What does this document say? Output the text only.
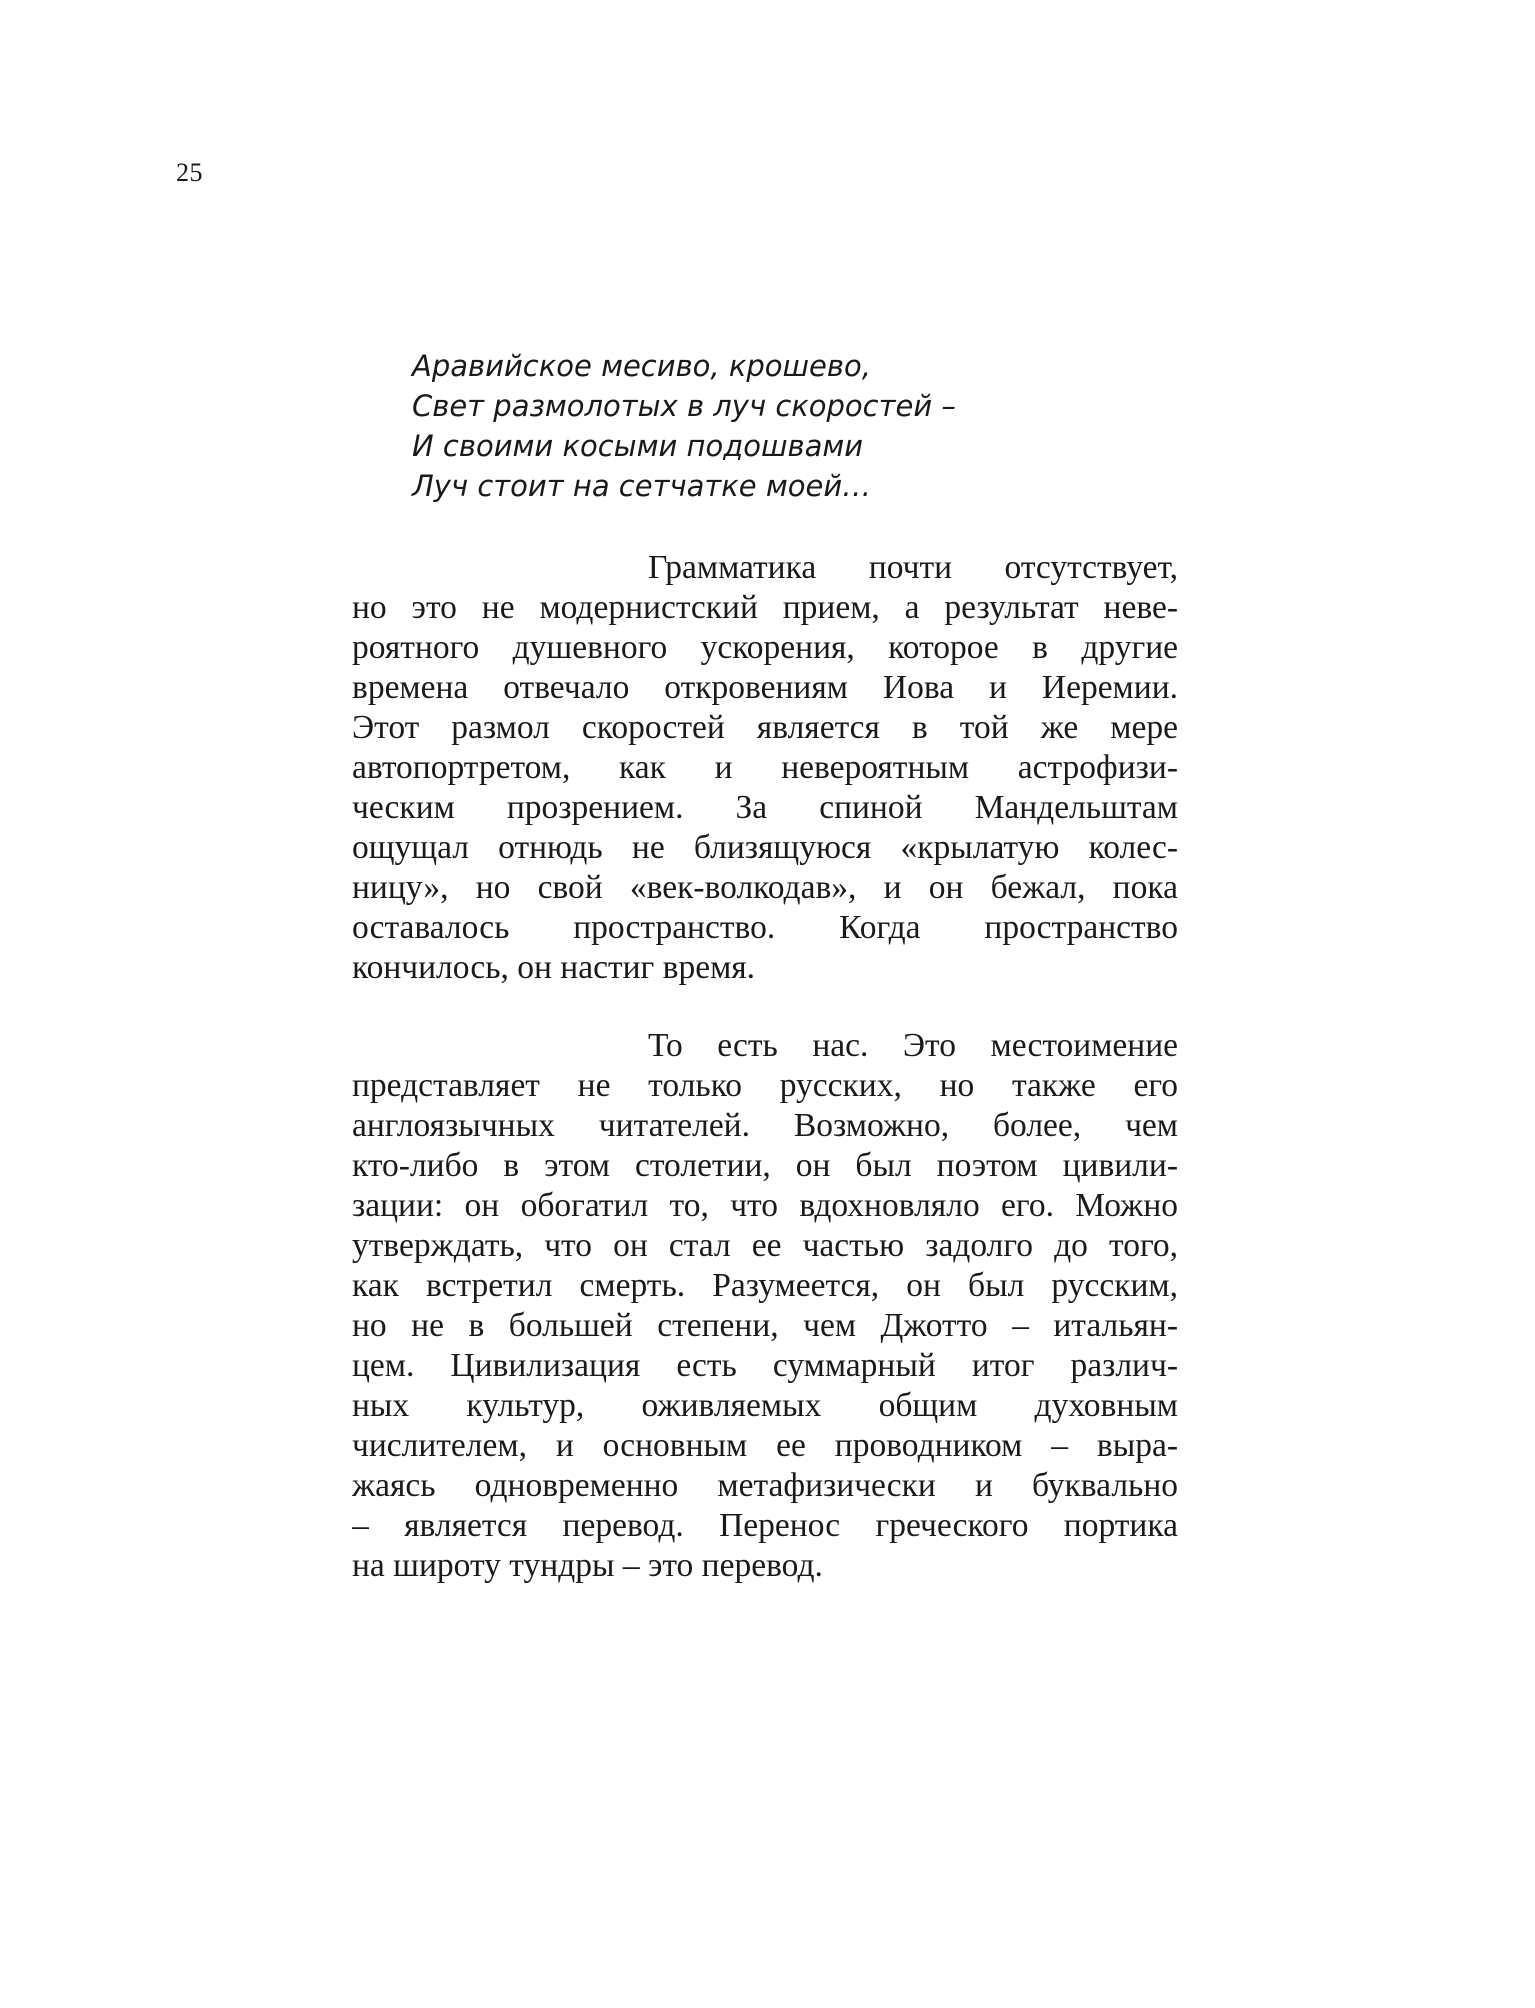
25
Аравийское месиво, крошево,
Свет размолотых в луч скоростей –
И своими косыми подошвами
Луч стоит на сетчатке моей…
Грамматика почти отсутствует,
но это не модернистский прием, а результат неве-
роятного душевного ускорения, которое в другие
времена отвечало откровениям Иова и Иеремии.
Этот размол скоростей является в той же мере
автопортретом, как и невероятным астрофизи-
ческим прозрением. За спиной Мандельштам
ощущал отнюдь не близящуюся «крылатую колес-
ницу», но свой «век-волкодав», и он бежал, пока
оставалось пространство. Когда пространство
кончилось, он настиг время.
То есть нас. Это местоимение
представляет не только русских, но также его
англоязычных читателей. Возможно, более, чем
кто-либо в этом столетии, он был поэтом цивили-
зации: он обогатил то, что вдохновляло его. Можно
утверждать, что он стал ее частью задолго до того,
как встретил смерть. Разумеется, он был русским,
но не в большей степени, чем Джотто – итальян-
цем. Цивилизация есть суммарный итог различ-
ных культур, оживляемых общим духовным
числителем, и основным ее проводником – выра-
жаясь одновременно метафизически и буквально
– является перевод. Перенос греческого портика
на широту тундры – это перевод.
